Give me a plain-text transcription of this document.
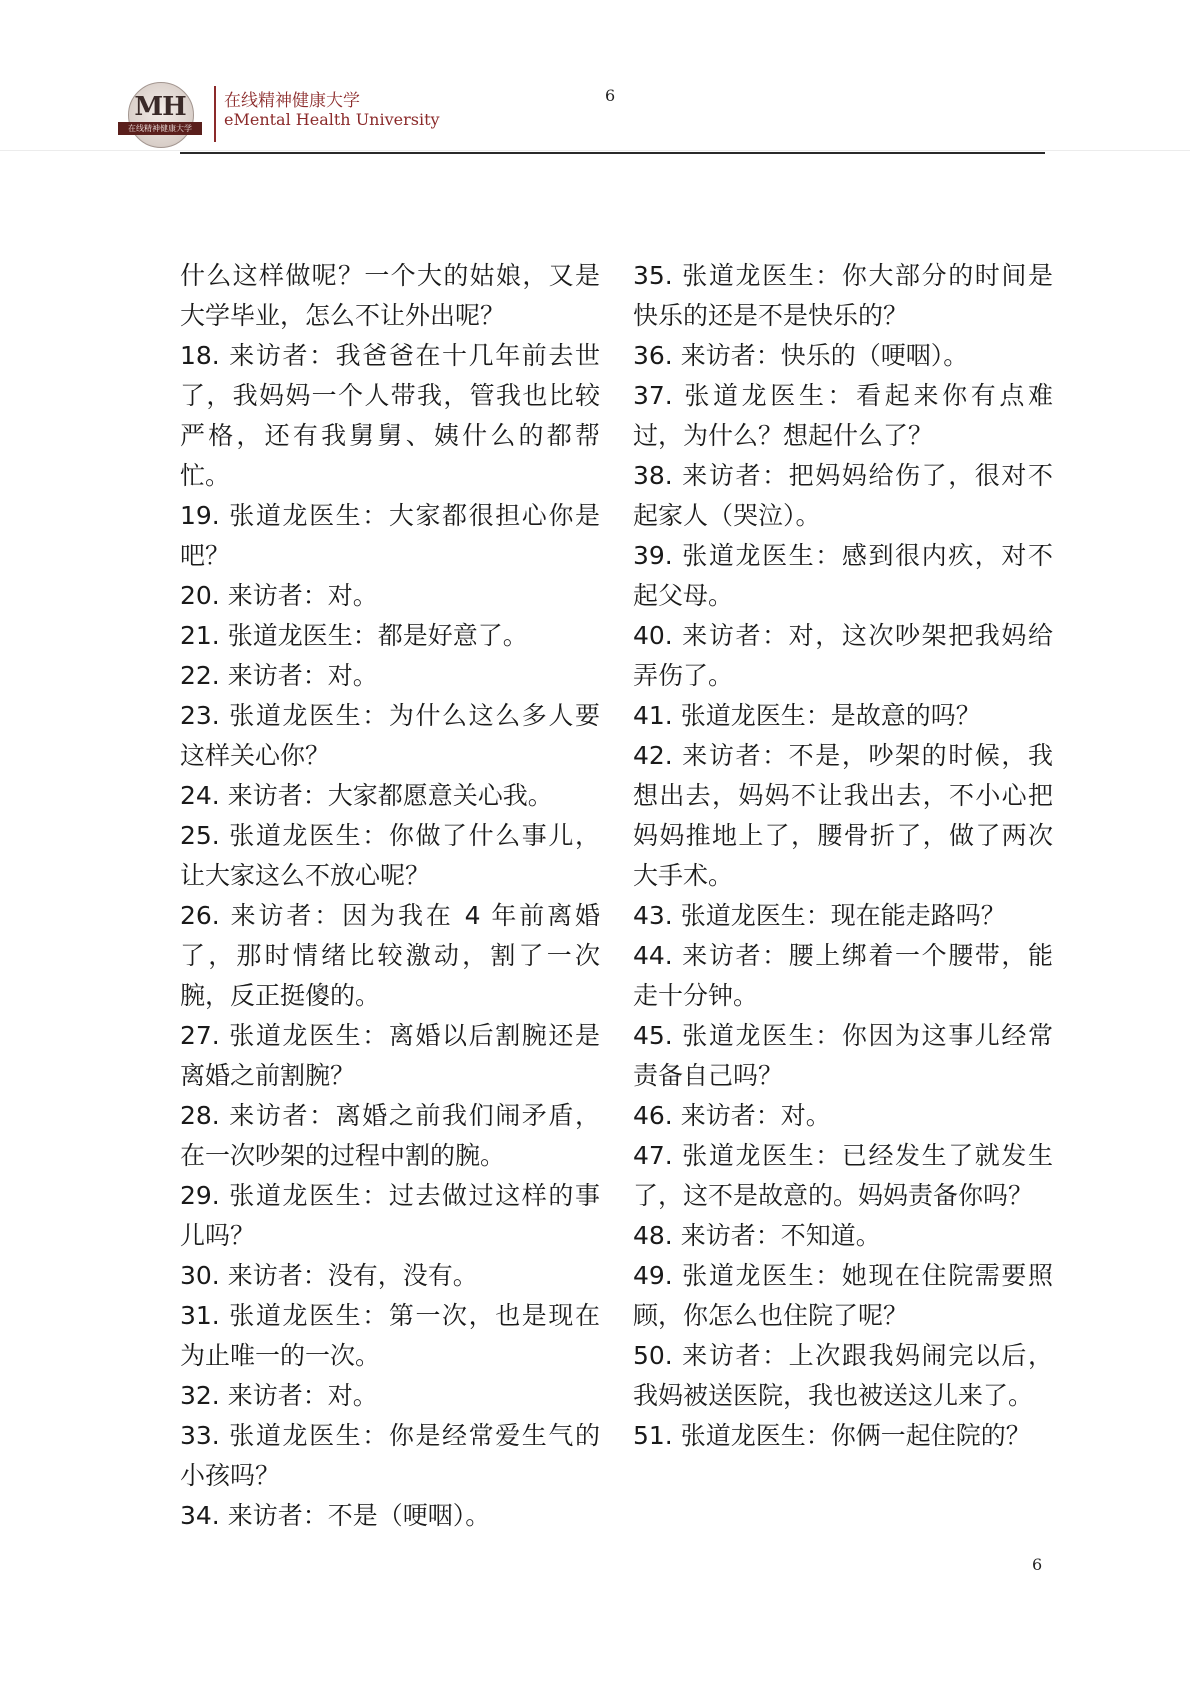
MH
在线精神健康大学
在线精神健康大学
eMental Health University
6

什么这样做呢？一个大的姑娘，又是大学毕业，怎么不让外出呢？

18. 来访者：我爸爸在十几年前去世了，我妈妈一个人带我，管我也比较严格，还有我舅舅、姨什么的都帮忙。

19. 张道龙医生：大家都很担心你是吧？

20. 来访者：对。

21. 张道龙医生：都是好意了。

22. 来访者：对。

23. 张道龙医生：为什么这么多人要这样关心你？

24. 来访者：大家都愿意关心我。

25. 张道龙医生：你做了什么事儿，让大家这么不放心呢？

26. 来访者：因为我在 4 年前离婚了，那时情绪比较激动，割了一次腕，反正挺傻的。

27. 张道龙医生：离婚以后割腕还是离婚之前割腕？

28. 来访者：离婚之前我们闹矛盾，在一次吵架的过程中割的腕。

29. 张道龙医生：过去做过这样的事儿吗？

30. 来访者：没有，没有。

31. 张道龙医生：第一次，也是现在为止唯一的一次。

32. 来访者：对。

33. 张道龙医生：你是经常爱生气的小孩吗？

34. 来访者：不是（哽咽）。

35. 张道龙医生：你大部分的时间是快乐的还是不是快乐的？

36. 来访者：快乐的（哽咽）。

37. 张道龙医生：看起来你有点难过，为什么？想起什么了？

38. 来访者：把妈妈给伤了，很对不起家人（哭泣）。

39. 张道龙医生：感到很内疚，对不起父母。

40. 来访者：对，这次吵架把我妈给弄伤了。

41. 张道龙医生：是故意的吗？

42. 来访者：不是，吵架的时候，我想出去，妈妈不让我出去，不小心把妈妈推地上了，腰骨折了，做了两次大手术。

43. 张道龙医生：现在能走路吗？

44. 来访者：腰上绑着一个腰带，能走十分钟。

45. 张道龙医生：你因为这事儿经常责备自己吗？

46. 来访者：对。

47. 张道龙医生：已经发生了就发生了，这不是故意的。妈妈责备你吗？

48. 来访者：不知道。

49. 张道龙医生：她现在住院需要照顾，你怎么也住院了呢？

50. 来访者：上次跟我妈闹完以后，我妈被送医院，我也被送这儿来了。

51. 张道龙医生：你俩一起住院的？

6
